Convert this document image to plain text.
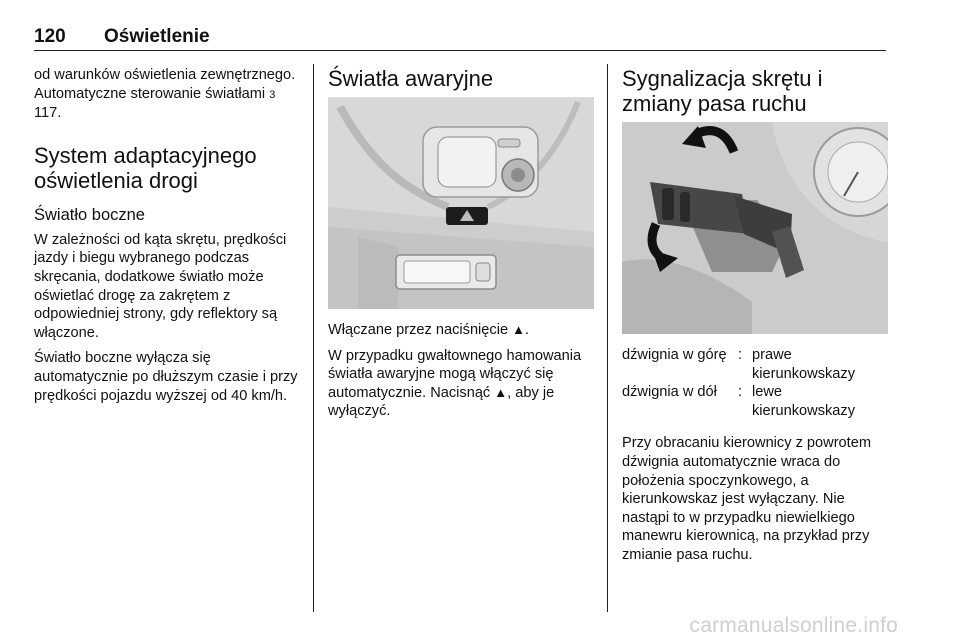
120 Oświetlenie

od warunków oświetlenia zewnętrznego. Automatyczne sterowanie światłami 3 117.

System adaptacyjnego oświetlenia drogi
Światło boczne

W zależności od kąta skrętu, prędkości jazdy i biegu wybranego podczas skręcania, dodatkowe światło może oświetlać drogę za zakrętem z odpowiedniej strony, gdy reflektory są włączone.

Światło boczne wyłącza się automatycznie po dłuższym czasie i przy prędkości pojazdu wyższej od 40 km/h.

Światła awaryjne

Włączane przez naciśnięcie ▲.

W przypadku gwałtownego hamowania światła awaryjne mogą włączyć się automatycznie. Nacisnąć ▲, aby je wyłączyć.

Sygnalizacja skrętu i zmiany pasa ruchu
dźwignia w górę	:	prawe kierunkowskazy
dźwignia w dół	:	lewe kierunkowskazy

Przy obracaniu kierownicy z powrotem dźwignia automatycznie wraca do położenia spoczynkowego, a kierunkowskaz jest wyłączany. Nie nastąpi to w przypadku niewielkiego manewru kierownicą, na przykład przy zmianie pasa ruchu.

carmanualsonline.info
